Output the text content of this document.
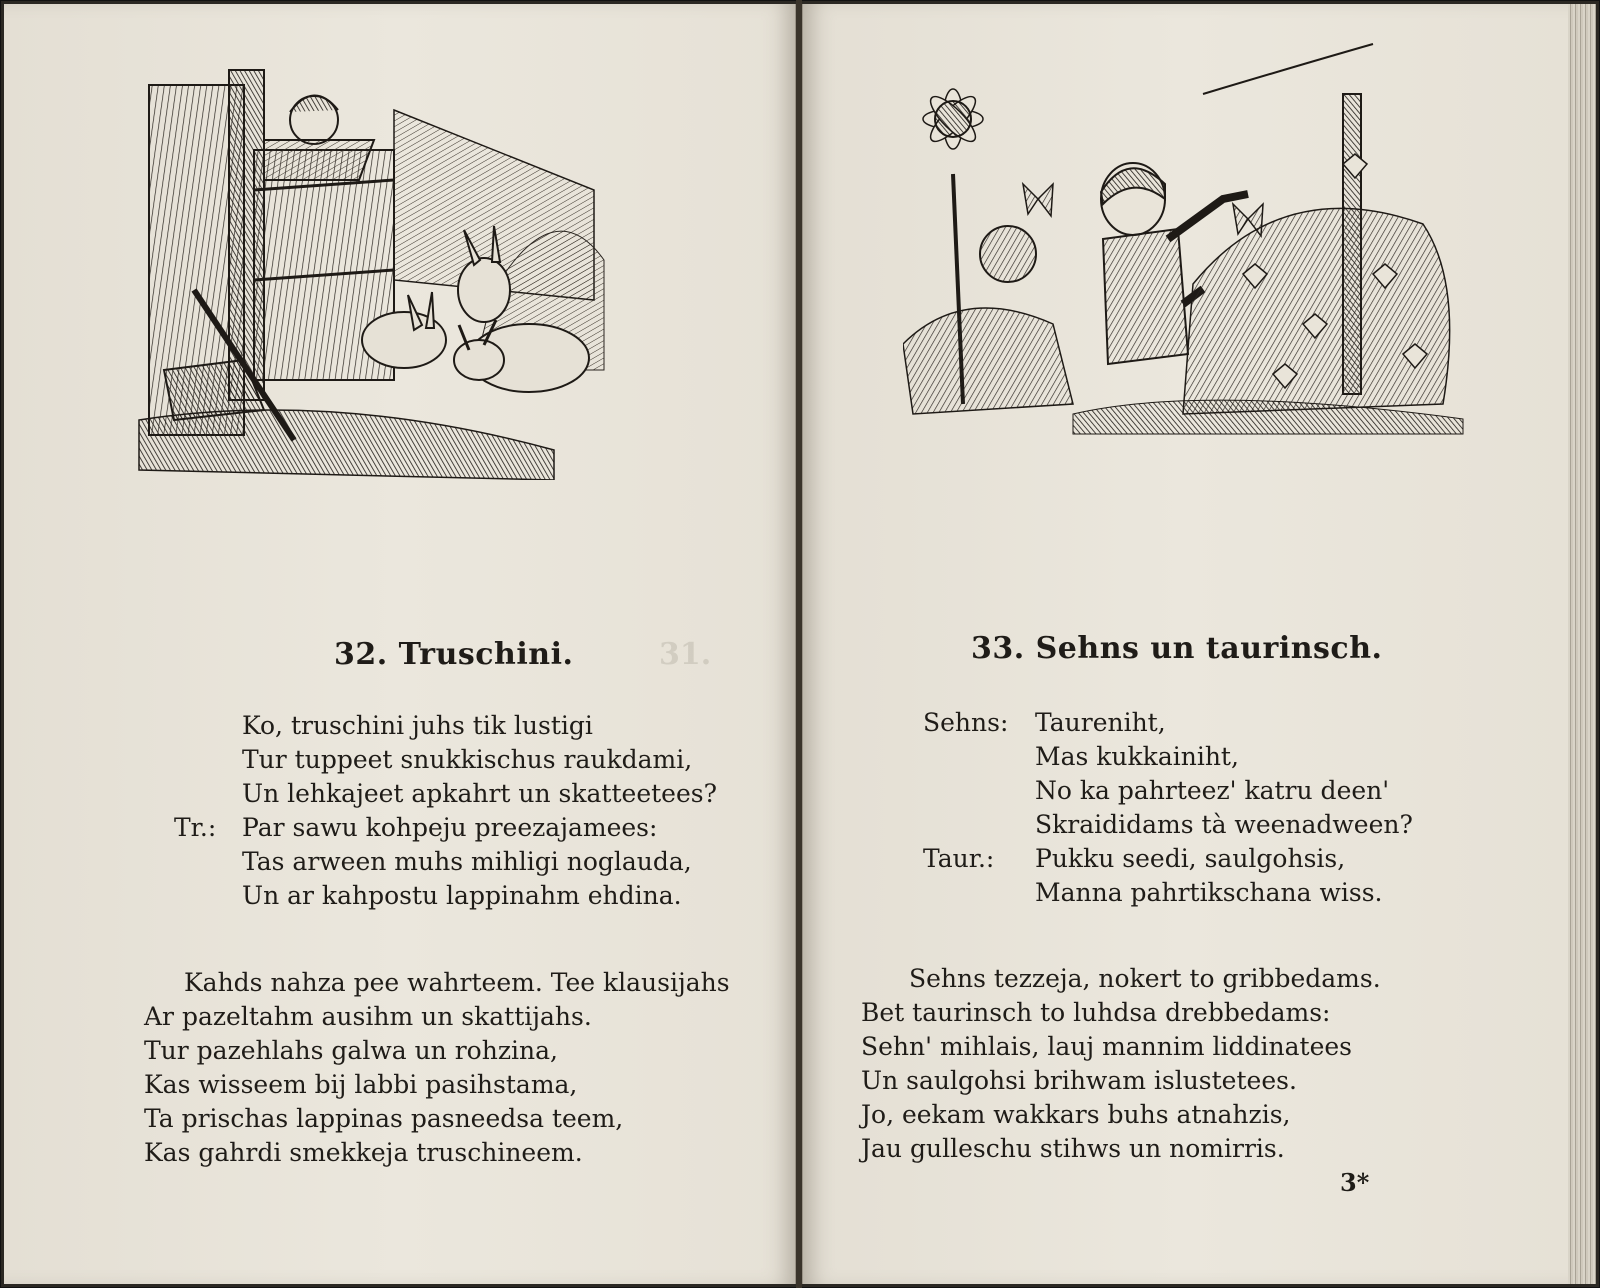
31.
32. Truschini.
Ko, truschini juhs tik lustigi
Tur tuppeet snukkischus raukdami,
Un lehkajeet apkahrt un skatteetees?
Tr.: Par sawu kohpeju preezajamees:
Tas arween muhs mihligi noglauda,
Un ar kahpostu lappinahm ehdina.
Kahds nahza pee wahrteem. Tee klausijahs
Ar pazeltahm ausihm un skattijahs.
Tur pazehlahs galwa un rohzina,
Kas wisseem bij labbi pasihstama,
Ta prischas lappinas pasneedsa teem,
Kas gahrdi smekkeja truschineem.
33. Sehns un taurinsch.
Sehns: Taureniht,
Mas kukkainiht,
No ka pahrteez' katru deen'
Skraididams tà weenadween?
Taur.: Pukku seedi, saulgohsis,
Manna pahrtikschana wiss.
Sehns tezzeja, nokert to gribbedams.
Bet taurinsch to luhdsa drebbedams:
Sehn' mihlais, lauj mannim liddinatees
Un saulgohsi brihwam islustetees.
Jo, eekam wakkars buhs atnahzis,
Jau gulleschu stihws un nomirris.
3*
